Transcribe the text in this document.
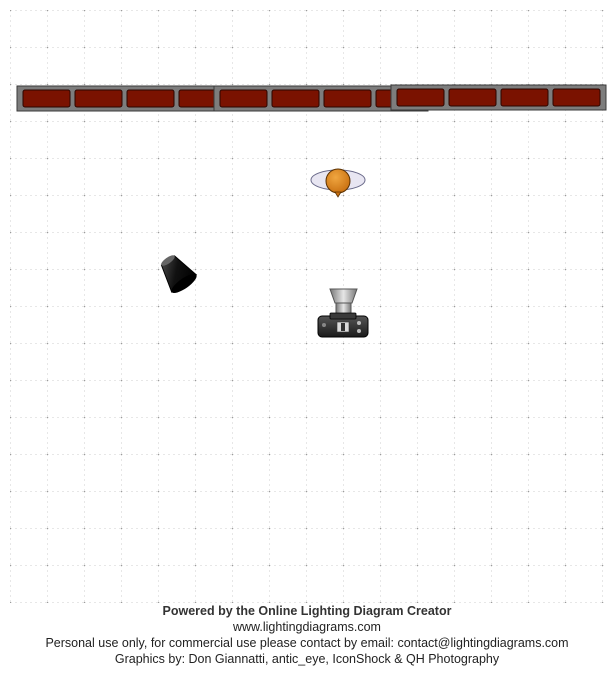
Powered by the Online Lighting Diagram Creator
www.lightingdiagrams.com
Personal use only, for commercial use please contact by email: contact@lightingdiagrams.com
Graphics by: Don Giannatti, antic_eye, IconShock & QH Photography
